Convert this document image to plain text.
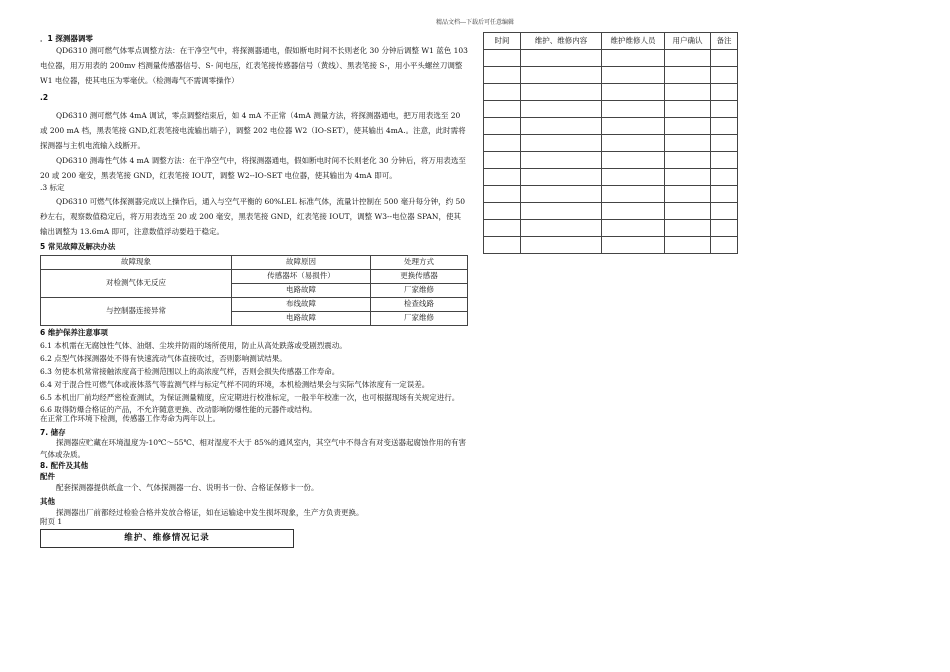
精品文档---下载后可任意编辑
．1 探测器调零

QD6310 测可燃气体零点调整方法：在干净空气中，将探测器通电，假如断电时间不长则老化 30 分钟后调整 W1 蓝色 103 电位器，用万用表的 200mv 档测量传感器信号、S- 间电压，红表笔接传感器信号（黄线）、黑表笔接 S-，用小平头螺丝刀调整 W1 电位器，使其电压为零毫伏。（检测毒气不需调零操作）

.2

QD6310 测可燃气体 4mA 调试，零点调整结束后，如 4 mA 不正常（4mA 测量方法，将探测器通电，把万用表选至 20 或 200 mA 档，黑表笔接 GND,红表笔接电流输出端子），调整 202 电位器 W2（IO-SET），使其输出 4mA.。注意，此时需将探测器与主机电流输入线断开。

QD6310 测毒性气体 4 mA 调整方法：在干净空气中，将探测器通电，假如断电时间不长则老化 30 分钟后，将万用表选至 20 或 200 毫安，黑表笔接 GND，红表笔接 IOUT，调整 W2--IO-SET 电位器，使其输出为 4mA 即可。

.3 标定

QD6310 可燃气体探测器完成以上操作后，通入与空气平衡的 60%LEL 标准气体，流量计控制在 500 毫升每分钟，约 50 秒左右，观察数值稳定后，将万用表选至 20 或 200 毫安，黑表笔接 GND，红表笔接 IOUT，调整 W3--电位器 SPAN，使其输出调整为 13.6mA 即可，注意数值浮动要趋于稳定。

5 常见故障及解决办法
故障现象	故障原因	处理方式
对检测气体无反应	传感器坏（易损件）	更换传感器
	电路故障	厂家维修
与控制器连接异常	布线故障	检查线路
	电路故障	厂家维修
6 维护保养注意事项
6.1 本机需在无腐蚀性气体、油烟、尘埃并防雨的场所使用，防止从高处跌落或受剧烈震动。
6.2 点型气体探测器处不得有快速流动气体直接吹过，否则影响测试结果。
6.3 勿使本机常常接触浓度高于检测范围以上的高浓度气样，否则会损失传感器工作寿命。
6.4 对于混合性可燃气体或液体蒸气等监测气样与标定气样不同的环境，本机检测结果会与实际气体浓度有一定误差。
6.5 本机出厂前均经严密检查测试，为保证测量精度，应定期进行校准标定，一般半年校准一次，也可根据现场有关规定进行。
6.6 取得防爆合格证的产品，不允许随意更换、改动影响防爆性能的元器件或结构。
在正常工作环境下检测，传感器工作寿命为两年以上。
7. 储存

探测器应贮藏在环境温度为-10℃～55℃、相对湿度不大于 85%的通风室内，其空气中不得含有对变送器起腐蚀作用的有害气体或杂质。

8. 配件及其他
配件

配套探测器提供纸盒一个、气体探测器一台、说明书一份、合格证保修卡一份。

其他

探测器出厂前都经过检验合格并发放合格证，如在运输途中发生损坏现象，生产方负责更换。

附页 1
维护、维修情况记录
时间	维护、维修内容	维护维修人员	用户确认	备注
